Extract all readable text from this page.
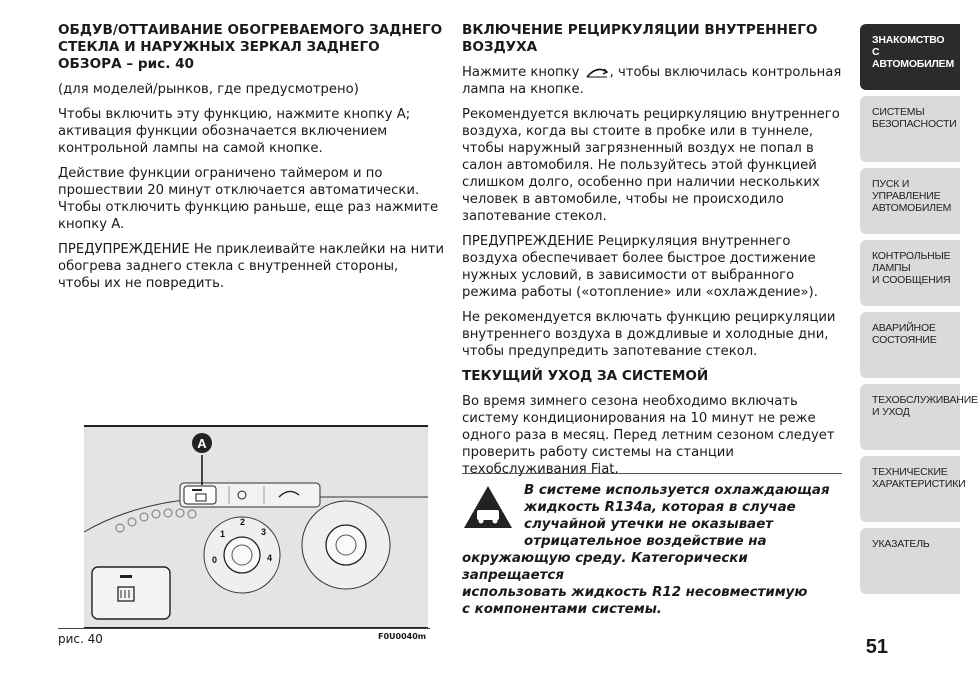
ОБДУВ/ОТТАИВАНИЕ ОБОГРЕВАЕМОГО ЗАДНЕГО СТЕКЛА И НАРУЖНЫХ ЗЕРКАЛ ЗАДНЕГО ОБЗОРА – рис. 40

(для моделей/рынков, где предусмотрено)

Чтобы включить эту функцию, нажмите кнопку A; активация функции обозначается включением контрольной лампы на самой кнопке.

Действие функции ограничено таймером и по прошествии 20 минут отключается автоматически. Чтобы отключить функцию раньше, еще раз нажмите кнопку A.

ПРЕДУПРЕЖДЕНИЕ Не приклеивайте наклейки на нити обогрева заднего стекла с внутренней стороны, чтобы их не повредить.

ВКЛЮЧЕНИЕ РЕЦИРКУЛЯЦИИ ВНУТРЕННЕГО ВОЗДУХА

Нажмите кнопку , чтобы включилась контрольная лампа на кнопке.

Рекомендуется включать рециркуляцию внутреннего воздуха, когда вы стоите в пробке или в туннеле, чтобы наружный загрязненный воздух не попал в салон автомобиля. Не пользуйтесь этой функцией слишком долго, особенно при наличии нескольких человек в автомобиле, чтобы не происходило запотевание стекол.

ПРЕДУПРЕЖДЕНИЕ Рециркуляция внутреннего воздуха обеспечивает более быстрое достижение нужных условий, в зависимости от выбранного режима работы («отопление» или «охлаждение»).

Не рекомендуется включать функцию рециркуляции внутреннего воздуха в дождливые и холодные дни, чтобы предупредить запотевание стекол.

ТЕКУЩИЙ УХОД ЗА СИСТЕМОЙ

Во время зимнего сезона необходимо включать систему кондиционирования на 10 минут не реже одного раза в месяц. Перед летним сезоном следует проверить работу системы на станции техобслуживания Fiat.

A
0
1
2
3
4
рис. 40	F0U0040m
В системе используется охлаждающая
жидкость R134a, которая в случае
случайной утечки не оказывает
отрицательное воздействие на
окружающую среду. Категорически запрещается
использовать жидкость R12 несовместимую
с компонентами системы.
ЗНАКОМСТВО С
АВТОМОБИЛЕМ
СИСТЕМЫ
БЕЗОПАСНОСТИ
ПУСК И УПРАВЛЕНИЕ
АВТОМОБИЛЕМ
КОНТРОЛЬНЫЕ
ЛАМПЫ
И СООБЩЕНИЯ
АВАРИЙНОЕ
СОСТОЯНИЕ
ТЕХОБСЛУЖИВАНИЕ
И УХОД
ТЕХНИЧЕСКИЕ
ХАРАКТЕРИСТИКИ
УКАЗАТЕЛЬ
51
